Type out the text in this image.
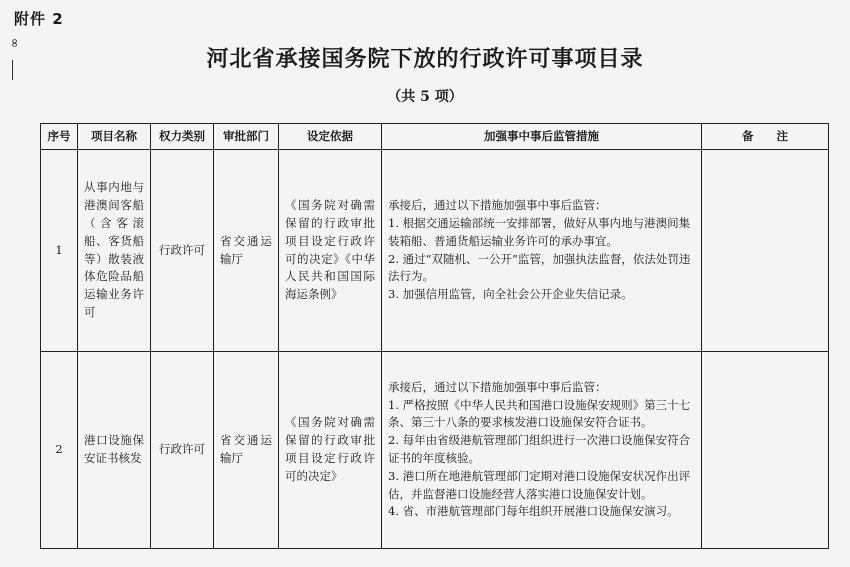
附件 2
∞
河北省承接国务院下放的行政许可事项目录
（共 5 项）
序号	项目名称	权力类别	审批部门	设定依据	加强事中事后监管措施	备　　注
1	从事内地与港澳间客船（含客滚船、客货船等）散装液体危险品船运输业务许可	行政许可	省交通运输厅	《国务院对确需保留的行政审批项目设定行政许可的决定》《中华人民共和国国际海运条例》	承接后，通过以下措施加强事中事后监管：
1. 根据交通运输部统一安排部署，做好从事内地与港澳间集装箱船、普通货船运输业务许可的承办事宜。
2. 通过“双随机、一公开”监管，加强执法监督，依法处罚违法行为。
3. 加强信用监管，向全社会公开企业失信记录。	

2	港口设施保安证书核发	行政许可	省交通运输厅	《国务院对确需保留的行政审批项目设定行政许可的决定》	承接后，通过以下措施加强事中事后监管：
1. 严格按照《中华人民共和国港口设施保安规则》第三十七条、第三十八条的要求核发港口设施保安符合证书。
2. 每年由省级港航管理部门组织进行一次港口设施保安符合证书的年度核验。
3. 港口所在地港航管理部门定期对港口设施保安状况作出评估，并监督港口设施经营人落实港口设施保安计划。
4. 省、市港航管理部门每年组织开展港口设施保安演习。	
